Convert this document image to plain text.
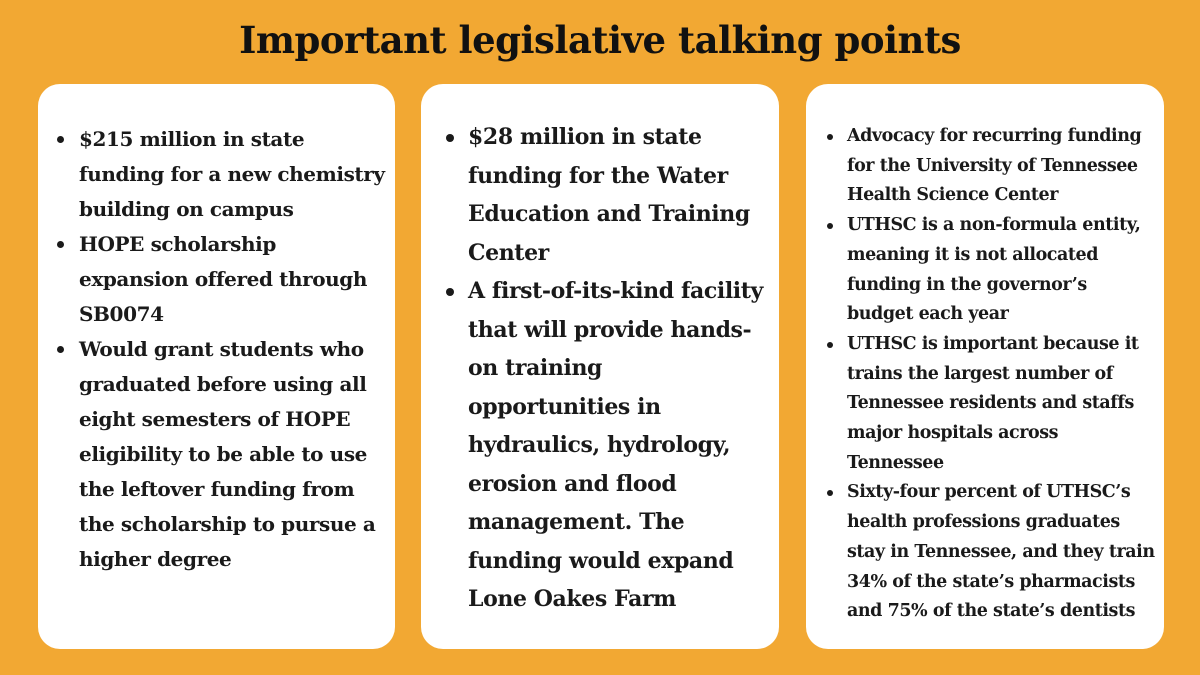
Important legislative talking points
$215 million in state funding for a new chemistry building on campus
HOPE scholarship expansion offered through SB0074
Would grant students who graduated before using all eight semesters of HOPE eligibility to be able to use the leftover funding from the scholarship to pursue a higher degree
$28 million in state funding for the Water Education and Training Center
A first-of-its-kind facility that will provide hands-on training opportunities in hydraulics, hydrology, erosion and flood management. The funding would expand Lone Oakes Farm
Advocacy for recurring funding for the University of Tennessee Health Science Center
UTHSC is a non-formula entity, meaning it is not allocated funding in the governor’s budget each year
UTHSC is important because it trains the largest number of Tennessee residents and staffs major hospitals across Tennessee
Sixty-four percent of UTHSC’s health professions graduates stay in Tennessee, and they train 34% of the state’s pharmacists and 75% of the state’s dentists
